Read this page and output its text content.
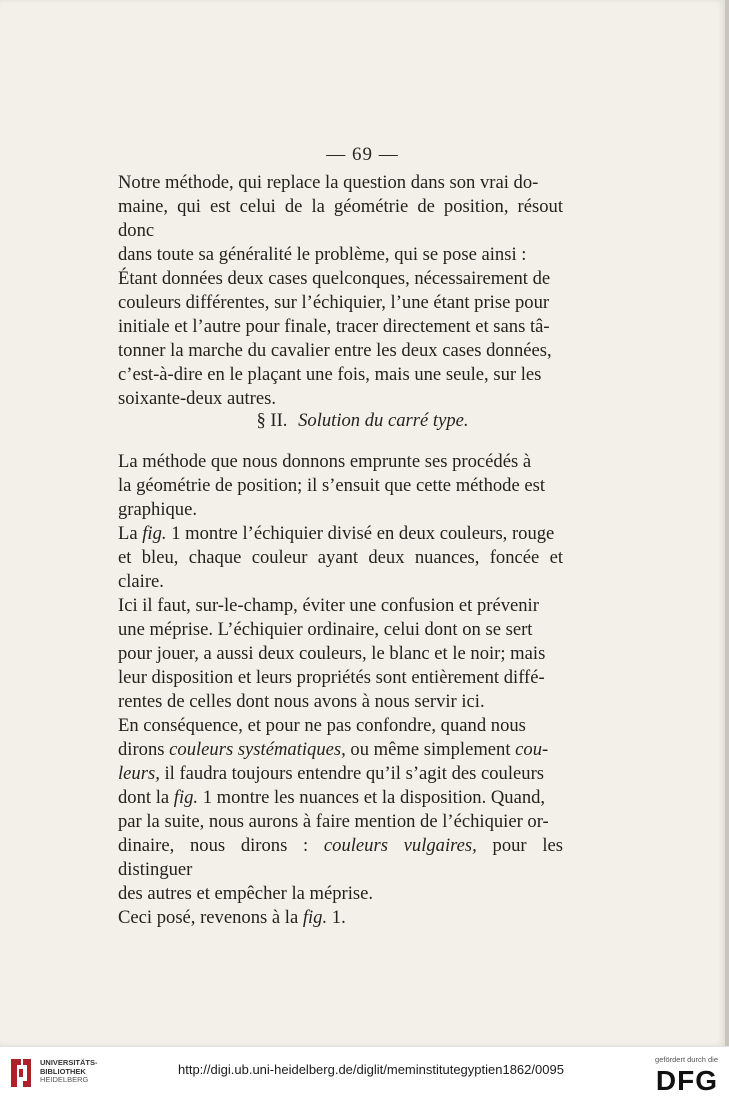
— 69 —

Notre méthode, qui replace la question dans son vrai do-

maine, qui est celui de la géométrie de position, résout donc

dans toute sa généralité le problème, qui se pose ainsi :

Étant données deux cases quelconques, nécessairement de

couleurs différentes, sur l’échiquier, l’une étant prise pour

initiale et l’autre pour finale, tracer directement et sans tâ-

tonner la marche du cavalier entre les deux cases données,

c’est-à-dire en le plaçant une fois, mais une seule, sur les

soixante-deux autres.

§ II. Solution du carré type.

La méthode que nous donnons emprunte ses procédés à

la géométrie de position; il s’ensuit que cette méthode est

graphique.

La fig. 1 montre l’échiquier divisé en deux couleurs, rouge

et bleu, chaque couleur ayant deux nuances, foncée et claire.

Ici il faut, sur-le-champ, éviter une confusion et prévenir

une méprise. L’échiquier ordinaire, celui dont on se sert

pour jouer, a aussi deux couleurs, le blanc et le noir; mais

leur disposition et leurs propriétés sont entièrement diffé-

rentes de celles dont nous avons à nous servir ici.

En conséquence, et pour ne pas confondre, quand nous

dirons couleurs systématiques, ou même simplement cou-

leurs, il faudra toujours entendre qu’il s’agit des couleurs

dont la fig. 1 montre les nuances et la disposition. Quand,

par la suite, nous aurons à faire mention de l’échiquier or-

dinaire, nous dirons : couleurs vulgaires, pour les distinguer

des autres et empêcher la méprise.

Ceci posé, revenons à la fig. 1.

UNIVERSITÄTS-
BIBLIOTHEK
HEIDELBERG
http://digi.ub.uni-heidelberg.de/diglit/meminstitutegyptien1862/0095
gefördert durch die
DFG
